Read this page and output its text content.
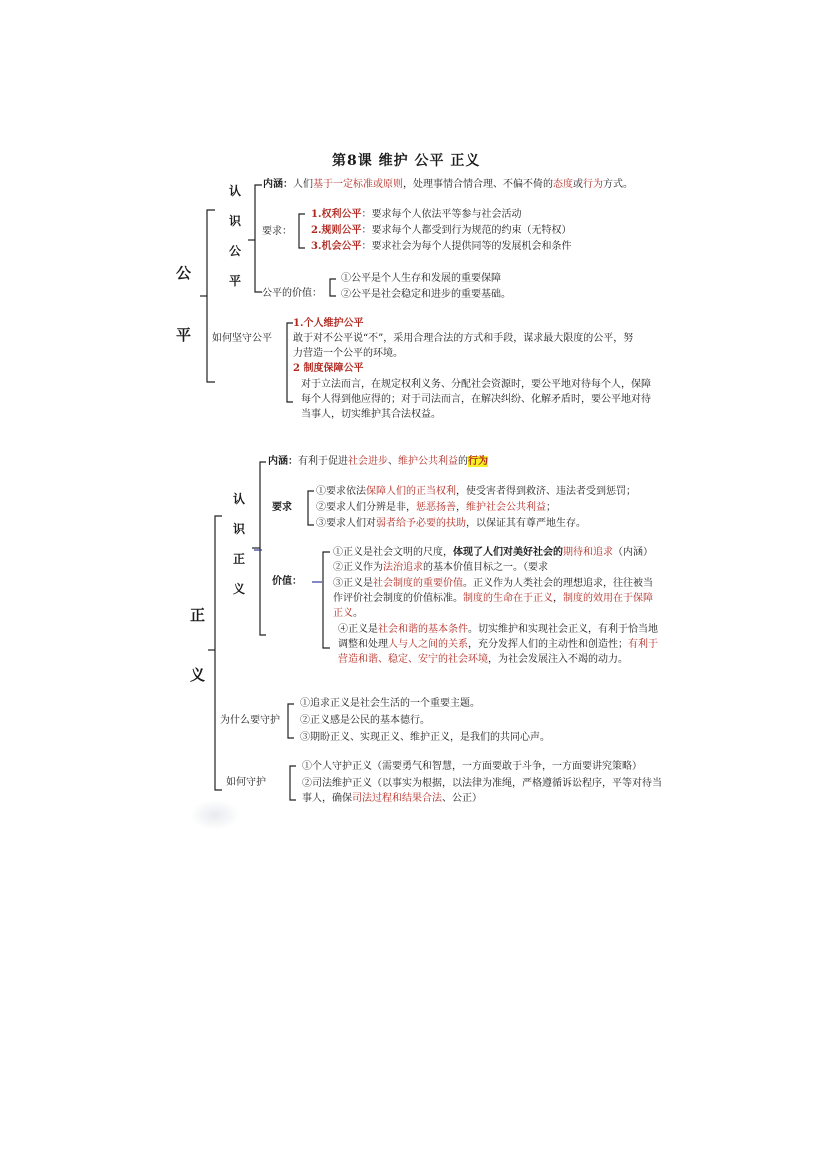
第8课 维护 公平 正义
公
平
认
识
公
平
内涵：人们基于一定标准或原则，处理事情合情合理、不偏不倚的态度或行为方式。
要求：
1.权利公平：要求每个人依法平等参与社会活动
2.规则公平：要求每个人都受到行为规范的约束（无特权）
3.机会公平：要求社会为每个人提供同等的发展机会和条件
公平的价值：
①公平是个人生存和发展的重要保障
②公平是社会稳定和进步的重要基础。
如何坚守公平
1.个人维护公平
敢于对不公平说“不”，采用合理合法的方式和手段，谋求最大限度的公平，努力营造一个公平的环境。
2 制度保障公平
对于立法而言，在规定权利义务、分配社会资源时，要公平地对待每个人，保障每个人得到他应得的；对于司法而言，在解决纠纷、化解矛盾时，要公平地对待当事人，切实维护其合法权益。
正
义
认
识
正
义
内涵：有利于促进社会进步、维护公共利益的行为
要求
①要求依法保障人们的正当权利，使受害者得到救济、违法者受到惩罚；
②要求人们分辨是非，惩恶扬善，维护社会公共利益；
③要求人们对弱者给予必要的扶助，以保证其有尊严地生存。
价值：
①正义是社会文明的尺度，体现了人们对美好社会的期待和追求（内涵）
②正义作为法治追求的基本价值目标之一。（要求
③正义是社会制度的重要价值。正义作为人类社会的理想追求，往往被当作评价社会制度的价值标准。制度的生命在于正义，制度的效用在于保障正义。
④正义是社会和谐的基本条件。切实维护和实现社会正义，有利于恰当地调整和处理人与人之间的关系，充分发挥人们的主动性和创造性；有利于营造和谐、稳定、安宁的社会环境，为社会发展注入不竭的动力。
为什么要守护
①追求正义是社会生活的一个重要主题。
②正义感是公民的基本德行。
③期盼正义、实现正义、维护正义，是我们的共同心声。
如何守护
①个人守护正义（需要勇气和智慧，一方面要敢于斗争，一方面要讲究策略）
②司法维护正义（以事实为根据，以法律为准绳，严格遵循诉讼程序，平等对待当事人，确保司法过程和结果合法、公正）
